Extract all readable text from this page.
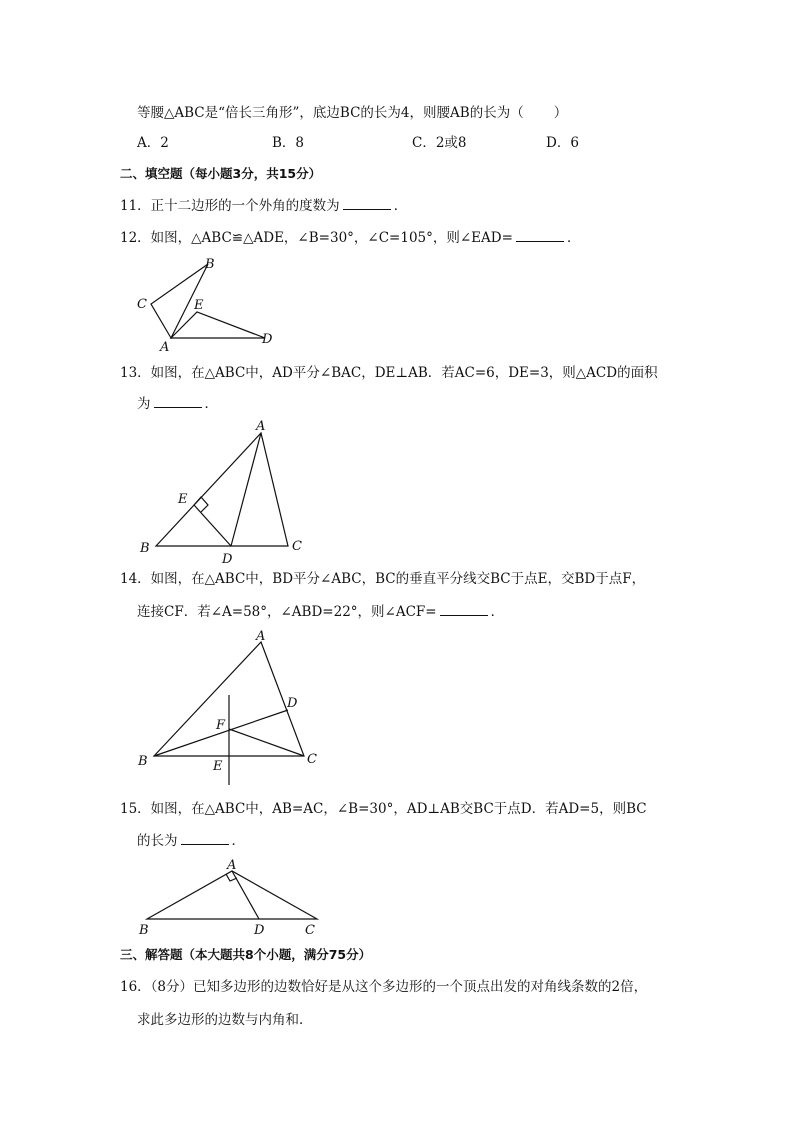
等腰△ABC是“倍长三角形”，底边BC的长为4，则腰AB的长为（ ）
A．2	B．8	C．2或8	D．6
二、填空题（每小题3分，共15分）
11．正十二边形的一个外角的度数为	．
12．如图，△ABC≌△ADE，∠B=30°，∠C=105°，则∠EAD=	．
A
B
C
D
E
13．如图，在△ABC中，AD平分∠BAC，DE⊥AB．若AC=6，DE=3，则△ACD的面积
为	．
A
B	C
D
E
14．如图，在△ABC中，BD平分∠ABC，BC的垂直平分线交BC于点E，交BD于点F，
连接CF．若∠A=58°，∠ABD=22°，则∠ACF=	．
A
B	C
D
E
F
15．如图，在△ABC中，AB=AC，∠B=30°，AD⊥AB交BC于点D．若AD=5，则BC
的长为	．
A
B	C
D
三、解答题（本大题共8个小题，满分75分）
16．（8分）已知多边形的边数恰好是从这个多边形的一个顶点出发的对角线条数的2倍，
求此多边形的边数与内角和．
